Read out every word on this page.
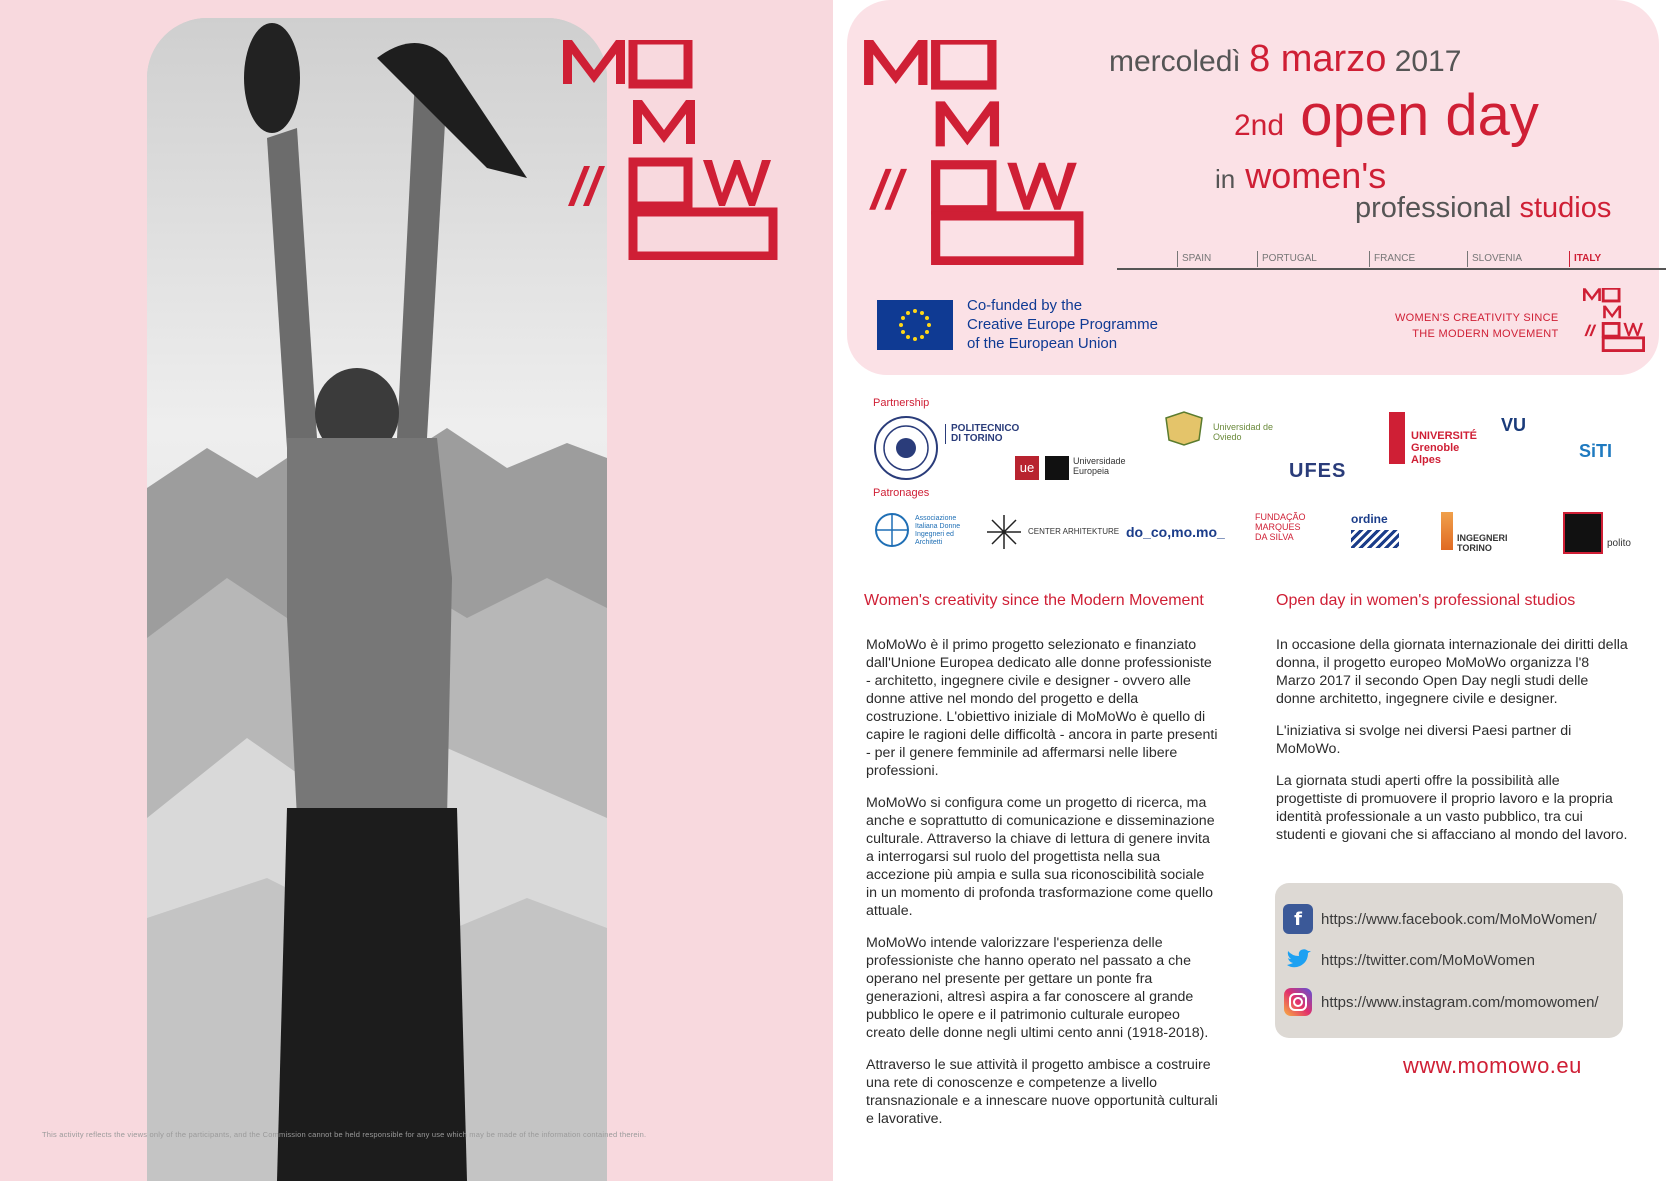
This activity reflects the views only of the participants, and the Commission cannot be held responsible for any use which may be made of the information contained therein.
mercoledì 8 marzo 2017
2nd open day
in women's
professional studios
SPAIN	PORTUGAL	FRANCE	SLOVENIA	ITALY
Co-funded by the
Creative Europe Programme
of the European Union
WOMEN'S CREATIVITY SINCE
THE MODERN MOVEMENT
Partnership
POLITECNICO DI TORINO
ue	Universidade Europeia
Universidad de Oviedo
UFES
UNIVERSITÉ Grenoble Alpes
VU
SiTI
Patronages
Associazione Italiana Donne Ingegneri ed Architetti
CENTER ARHITEKTURE do_co,mo.mo_
FUNDAÇÃO MARQUES DA SILVA
ordine
INGEGNERI TORINO	polito
Women's creativity since the Modern Movement	Open day in women's professional studios

MoMoWo è il primo progetto selezionato e finanziato dall'Unione Europea dedicato alle donne professioniste - architetto, ingegnere civile e designer - ovvero alle donne attive nel mondo del progetto e della costruzione. L'obiettivo iniziale di MoMoWo è quello di capire le ragioni delle difficoltà - ancora in parte presenti - per il genere femminile ad affermarsi nelle libere professioni.

MoMoWo si configura come un progetto di ricerca, ma anche e soprattutto di comunicazione e disseminazione culturale. Attraverso la chiave di lettura di genere invita a interrogarsi sul ruolo del progettista nella sua accezione più ampia e sulla sua riconoscibilità sociale in un momento di profonda trasformazione come quello attuale.

MoMoWo intende valorizzare l'esperienza delle professioniste che hanno operato nel passato a che operano nel presente per gettare un ponte fra generazioni, altresì aspira a far conoscere al grande pubblico le opere e il patrimonio culturale europeo creato delle donne negli ultimi cento anni (1918-2018).

Attraverso le sue attività il progetto ambisce a costruire una rete di conoscenze e competenze a livello transnazionale e a innescare nuove opportunità culturali e lavorative.

In occasione della giornata internazionale dei diritti della donna, il progetto europeo MoMoWo organizza l'8 Marzo 2017 il secondo Open Day negli studi delle donne architetto, ingegnere civile e designer.

L'iniziativa si svolge nei diversi Paesi partner di MoMoWo.

La giornata studi aperti offre la possibilità alle progettiste di promuovere il proprio lavoro e la propria identità professionale a un vasto pubblico, tra cui studenti e giovani che si affacciano al mondo del lavoro.

f	https://www.facebook.com/MoMoWomen/
https://twitter.com/MoMoWomen
https://www.instagram.com/momowomen/
www.momowo.eu
